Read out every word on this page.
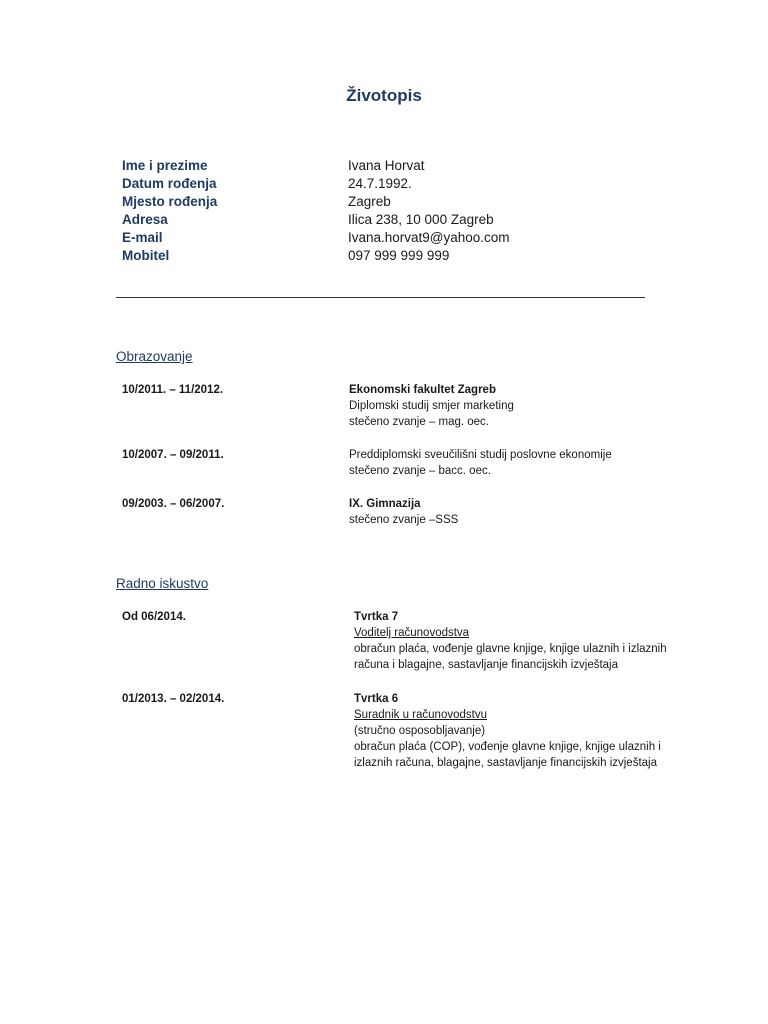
Životopis
Ime i prezime	Ivana Horvat
Datum rođenja	24.7.1992.
Mjesto rođenja	Zagreb
Adresa	Ilica 238, 10 000 Zagreb
E-mail	Ivana.horvat9@yahoo.com
Mobitel	097 999 999 999
Obrazovanje
10/2011. – 11/2012.	Ekonomski fakultet Zagreb
Diplomski studij smjer marketing
stečeno zvanje – mag. oec.
10/2007. – 09/2011.	Preddiplomski sveučilišni studij poslovne ekonomije
stečeno zvanje – bacc. oec.
09/2003. – 06/2007.	IX. Gimnazija
stečeno zvanje –SSS
Radno iskustvo
Od 06/2014.	Tvrtka 7
Voditelj računovodstva
obračun plaća, vođenje glavne knjige, knjige ulaznih i izlaznih
računa i blagajne, sastavljanje financijskih izvještaja
01/2013. – 02/2014.	Tvrtka 6
Suradnik u računovodstvu
(stručno osposobljavanje)
obračun plaća (COP), vođenje glavne knjige, knjige ulaznih i
izlaznih računa, blagajne, sastavljanje financijskih izvještaja
